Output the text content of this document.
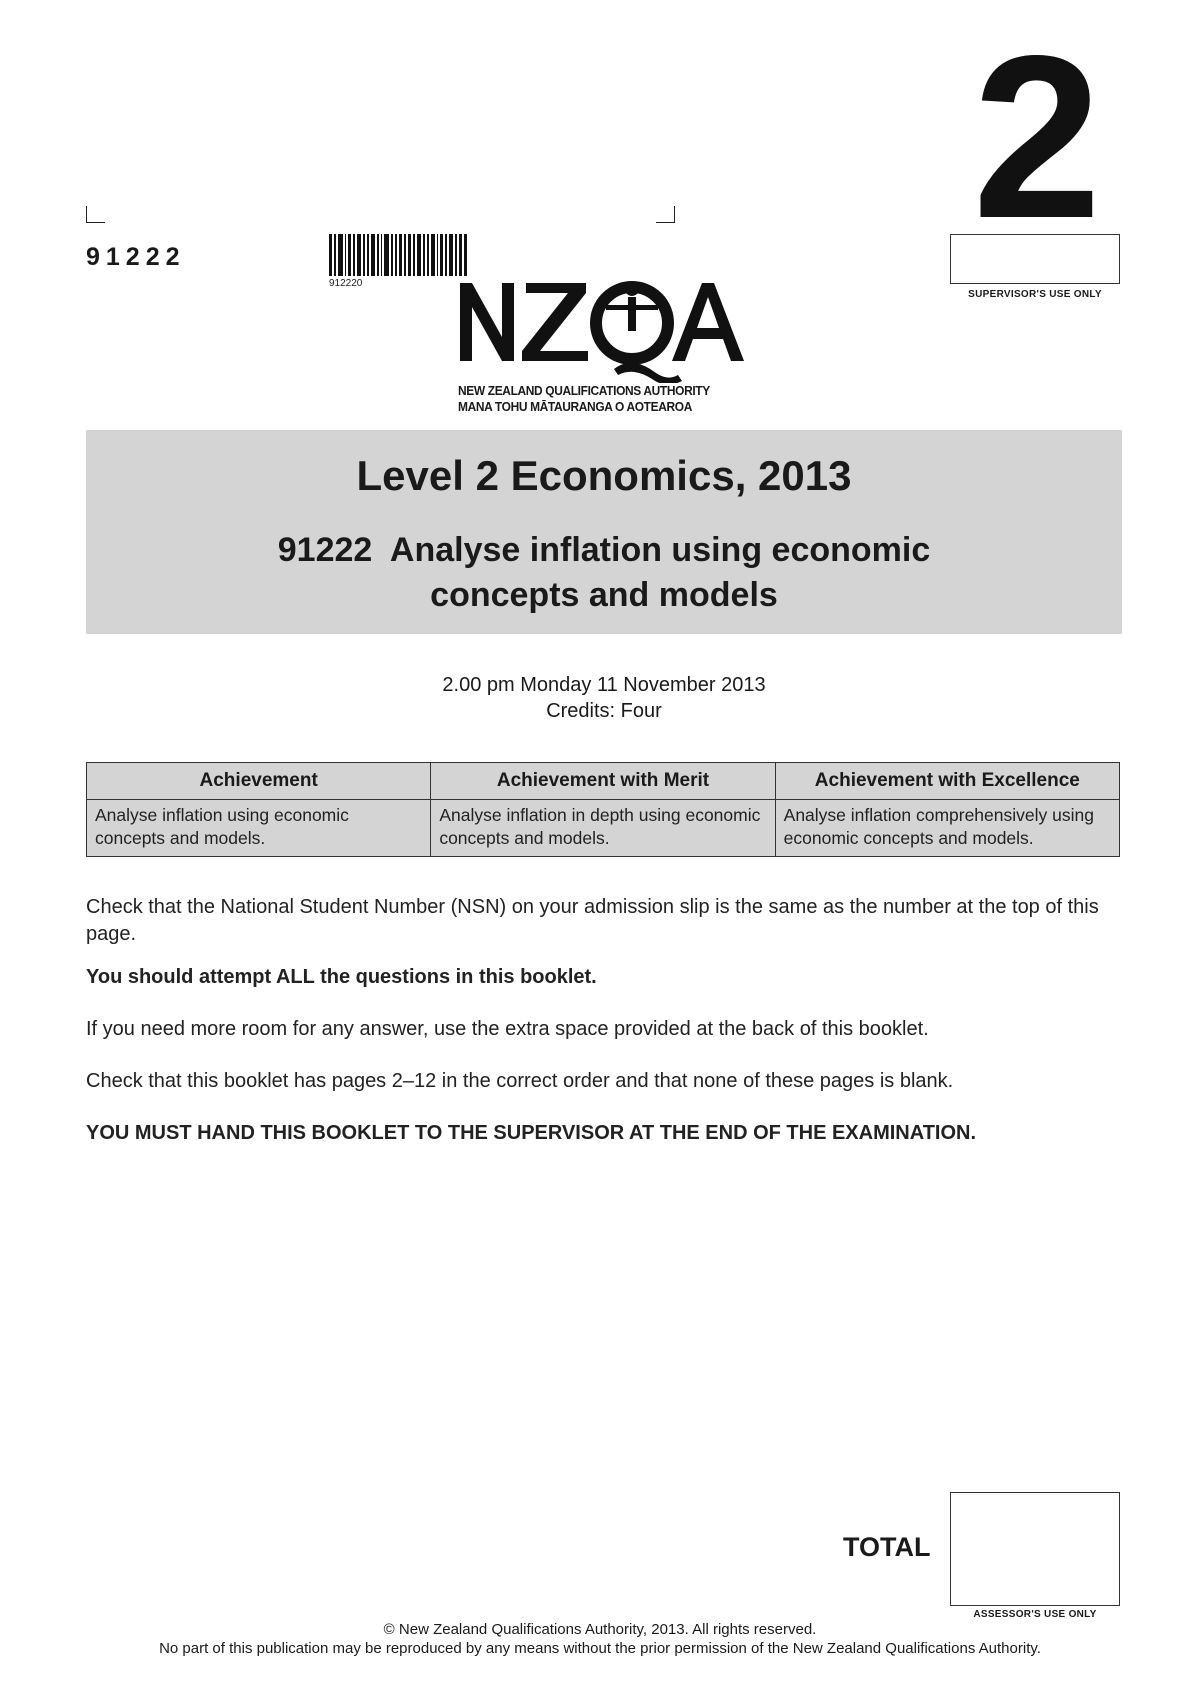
91222
912220
NEW ZEALAND QUALIFICATIONS AUTHORITY
MANA TOHU MĀTAURANGA O AOTEAROA
2
SUPERVISOR'S USE ONLY
Level 2 Economics, 2013
91222  Analyse inflation using economic
concepts and models
2.00 pm Monday 11 November 2013
Credits: Four
Achievement	Achievement with Merit	Achievement with Excellence
Analyse inflation using economic concepts and models.	Analyse inflation in depth using economic concepts and models.	Analyse inflation comprehensively using economic concepts and models.
Check that the National Student Number (NSN) on your admission slip is the same as the number at the top of this page.
You should attempt ALL the questions in this booklet.
If you need more room for any answer, use the extra space provided at the back of this booklet.
Check that this booklet has pages 2–12 in the correct order and that none of these pages is blank.
YOU MUST HAND THIS BOOKLET TO THE SUPERVISOR AT THE END OF THE EXAMINATION.
TOTAL
ASSESSOR'S USE ONLY
© New Zealand Qualifications Authority, 2013. All rights reserved.
No part of this publication may be reproduced by any means without the prior permission of the New Zealand Qualifications Authority.
